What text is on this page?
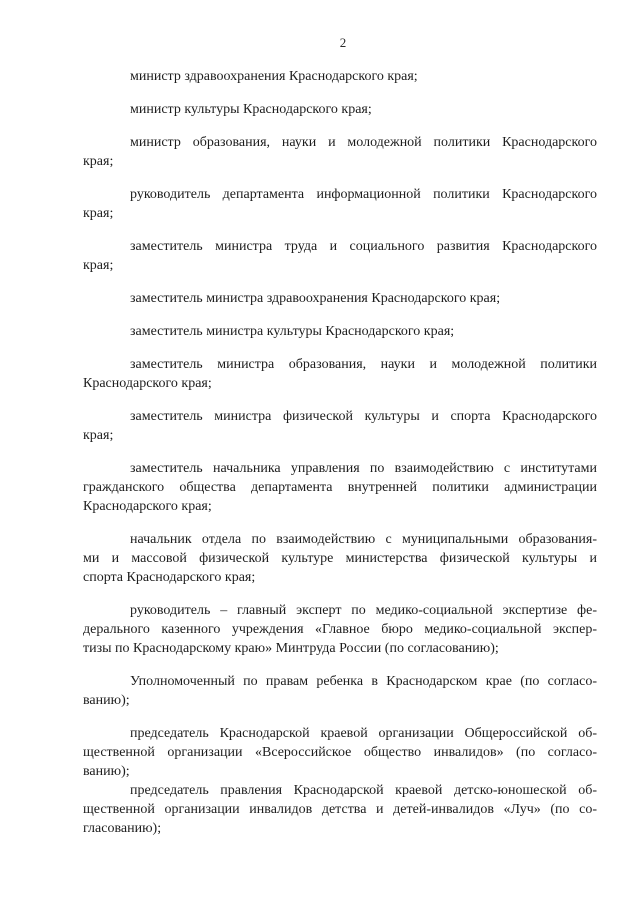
2
министр здравоохранения Краснодарского края;
министр культуры Краснодарского края;
министр образования, науки и молодежной политики Краснодарского
края;
руководитель департамента информационной политики Краснодарского
края;
заместитель министра труда и социального развития Краснодарского
края;
заместитель министра здравоохранения Краснодарского края;
заместитель министра культуры Краснодарского края;
заместитель министра образования, науки и молодежной политики
Краснодарского края;
заместитель министра физической культуры и спорта Краснодарского
края;
заместитель начальника управления по взаимодействию с институтами
гражданского общества департамента внутренней политики администрации
Краснодарского края;
начальник отдела по взаимодействию с муниципальными образования-
ми и массовой физической культуре министерства физической культуры и
спорта Краснодарского края;
руководитель – главный эксперт по медико-социальной экспертизе фе-
дерального казенного учреждения «Главное бюро медико-социальной экспер-
тизы по Краснодарскому краю» Минтруда России (по согласованию);
Уполномоченный по правам ребенка в Краснодарском крае (по согласо-
ванию);
председатель Краснодарской краевой организации Общероссийской об-
щественной организации «Всероссийское общество инвалидов» (по согласо-
ванию);
председатель правления Краснодарской краевой детско-юношеской об-
щественной организации инвалидов детства и детей-инвалидов «Луч» (по со-
гласованию);
